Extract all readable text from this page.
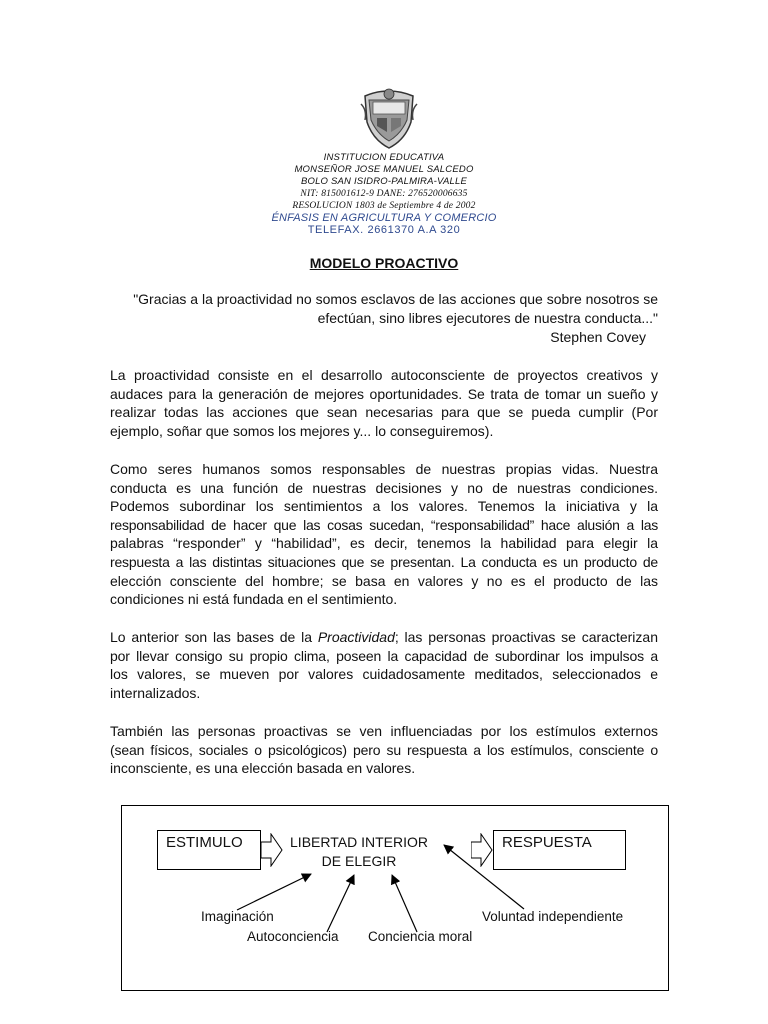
INSTITUCION EDUCATIVA
MONSEÑOR JOSE MANUEL SALCEDO
BOLO SAN ISIDRO-PALMIRA-VALLE
NIT: 815001612-9 DANE: 276520006635
RESOLUCION 1803 de Septiembre 4 de 2002
ÉNFASIS EN AGRICULTURA Y COMERCIO
TELEFAX. 2661370 A.A 320
MODELO PROACTIVO
"Gracias a la proactividad no somos esclavos de las acciones que sobre nosotros se
efectúan, sino libres ejecutores de nuestra conducta..."
Stephen Covey
La proactividad consiste en el desarrollo autoconsciente de proyectos creativos y
audaces para la generación de mejores oportunidades. Se trata de tomar un sueño y
realizar todas las acciones que sean necesarias para que se pueda cumplir (Por
ejemplo, soñar que somos los mejores y... lo conseguiremos).
Como seres humanos somos responsables de nuestras propias vidas. Nuestra
conducta es una función de nuestras decisiones y no de nuestras condiciones.
Podemos subordinar los sentimientos a los valores. Tenemos la iniciativa y la
responsabilidad de hacer que las cosas sucedan, “responsabilidad” hace alusión a las
palabras “responder” y “habilidad”, es decir, tenemos la habilidad para elegir la
respuesta a las distintas situaciones que se presentan. La conducta es un producto de
elección consciente del hombre; se basa en valores y no es el producto de las
condiciones ni está fundada en el sentimiento.
Lo anterior son las bases de la Proactividad; las personas proactivas se caracterizan
por llevar consigo su propio clima, poseen la capacidad de subordinar los impulsos a
los valores, se mueven por valores cuidadosamente meditados, seleccionados e
internalizados.
También las personas proactivas se ven influenciadas por los estímulos externos
(sean físicos, sociales o psicológicos) pero su respuesta a los estímulos, consciente o
inconsciente, es una elección basada en valores.
ESTIMULO	LIBERTAD INTERIOR
DE ELEGIR
RESPUESTA
Imaginación
Autoconciencia Conciencia moral
Voluntad independiente
